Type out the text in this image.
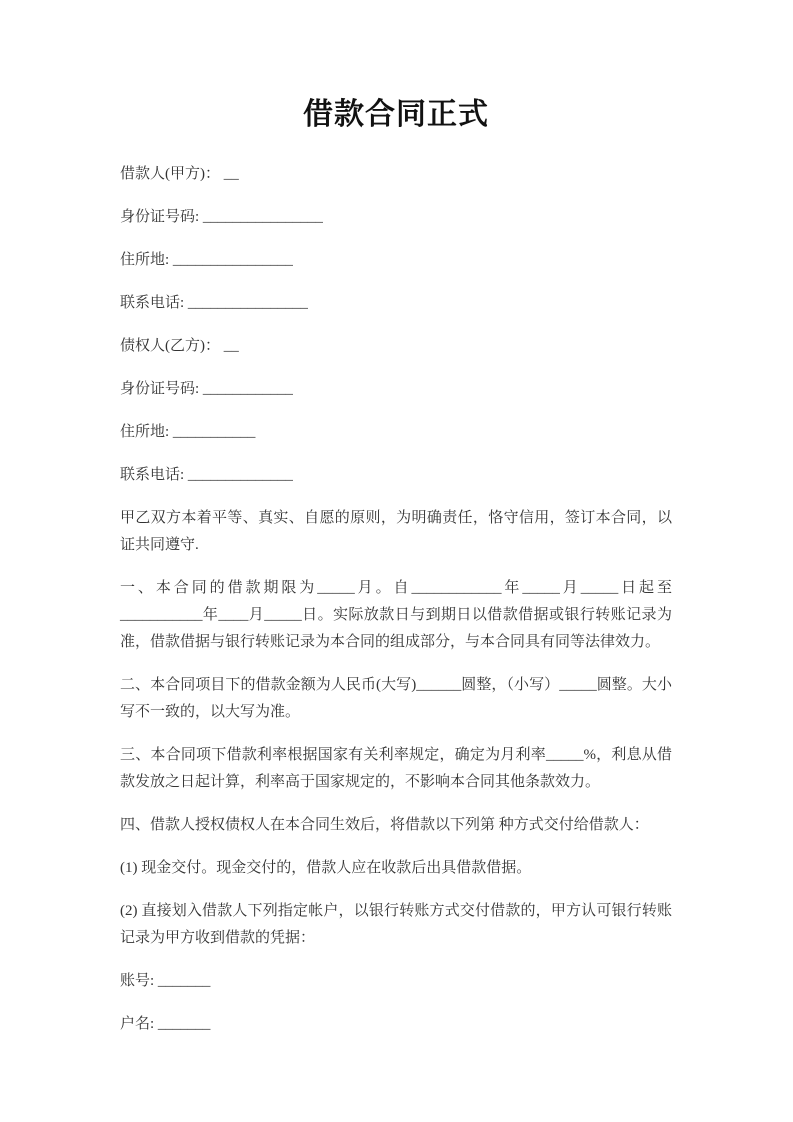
借款合同正式

借款人(甲方)： __

身份证号码: ________________

住所地: ________________

联系电话: ________________

债权人(乙方)： __

身份证号码: ____________

住所地: ___________

联系电话: ______________

甲乙双方本着平等、真实、自愿的原则，为明确责任，恪守信用，签订本合同，以证共同遵守.

一、本合同的借款期限为_____月。自____________年_____月_____日起至___________年____月_____日。实际放款日与到期日以借款借据或银行转账记录为准，借款借据与银行转账记录为本合同的组成部分，与本合同具有同等法律效力。

二、本合同项目下的借款金额为人民币(大写)______圆整，（小写）_____圆整。大小写不一致的，以大写为准。

三、本合同项下借款利率根据国家有关利率规定，确定为月利率_____%，利息从借款发放之日起计算，利率高于国家规定的，不影响本合同其他条款效力。

四、借款人授权债权人在本合同生效后，将借款以下列第 种方式交付给借款人：

(1) 现金交付。现金交付的，借款人应在收款后出具借款借据。

(2) 直接划入借款人下列指定帐户，以银行转账方式交付借款的，甲方认可银行转账记录为甲方收到借款的凭据：

账号: _______

户名: _______
